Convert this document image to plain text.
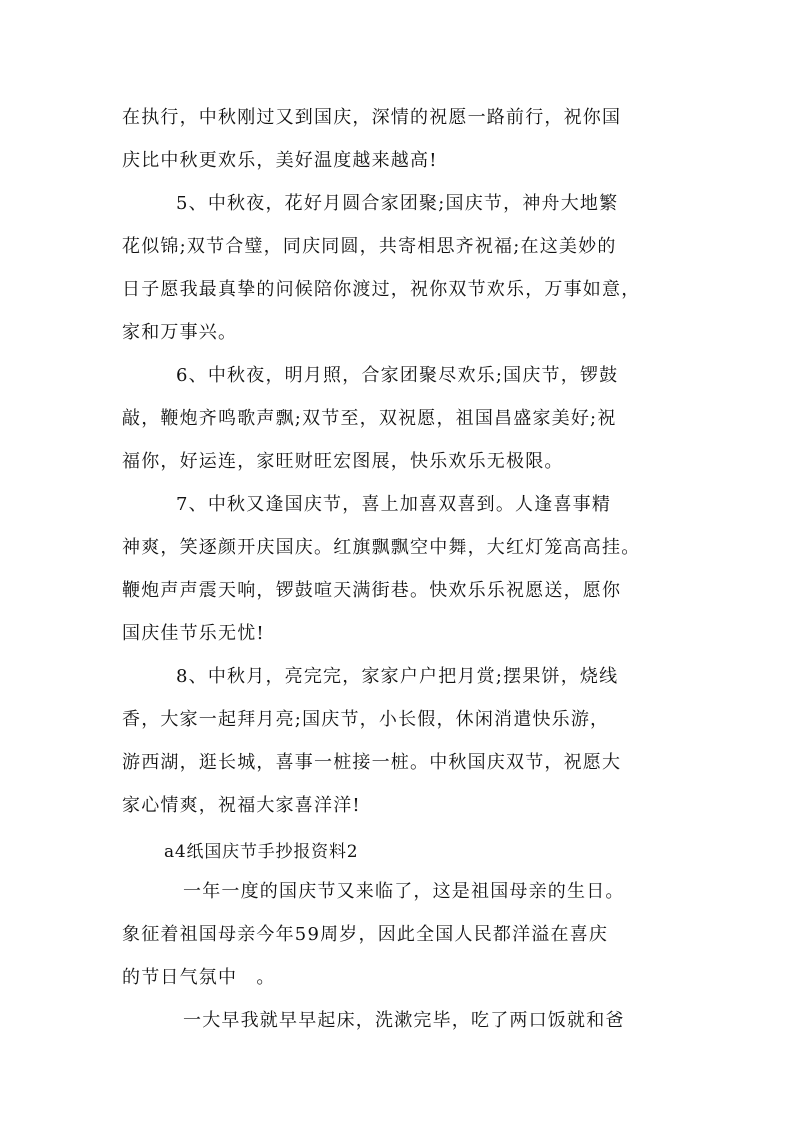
在执行，中秋刚过又到国庆，深情的祝愿一路前行，祝你国
庆比中秋更欢乐，美好温度越来越高!
5、中秋夜，花好月圆合家团聚;国庆节，神舟大地繁
花似锦;双节合璧，同庆同圆，共寄相思齐祝福;在这美妙的
日子愿我最真挚的问候陪你渡过，祝你双节欢乐，万事如意，
家和万事兴。
6、中秋夜，明月照，合家团聚尽欢乐;国庆节，锣鼓
敲，鞭炮齐鸣歌声飘;双节至，双祝愿，祖国昌盛家美好;祝
福你，好运连，家旺财旺宏图展，快乐欢乐无极限。
7、中秋又逢国庆节，喜上加喜双喜到。人逢喜事精
神爽，笑逐颜开庆国庆。红旗飘飘空中舞，大红灯笼高高挂。
鞭炮声声震天响，锣鼓喧天满街巷。快欢乐乐祝愿送，愿你
国庆佳节乐无忧!
8、中秋月，亮完完，家家户户把月赏;摆果饼，烧线
香，大家一起拜月亮;国庆节，小长假，休闲消遣快乐游，
游西湖，逛长城，喜事一桩接一桩。中秋国庆双节，祝愿大
家心情爽，祝福大家喜洋洋!
a4纸国庆节手抄报资料2
一年一度的国庆节又来临了，这是祖国母亲的生日。
象征着祖国母亲今年59周岁，因此全国人民都洋溢在喜庆
的节日气氛中　。
一大早我就早早起床，洗漱完毕，吃了两口饭就和爸
